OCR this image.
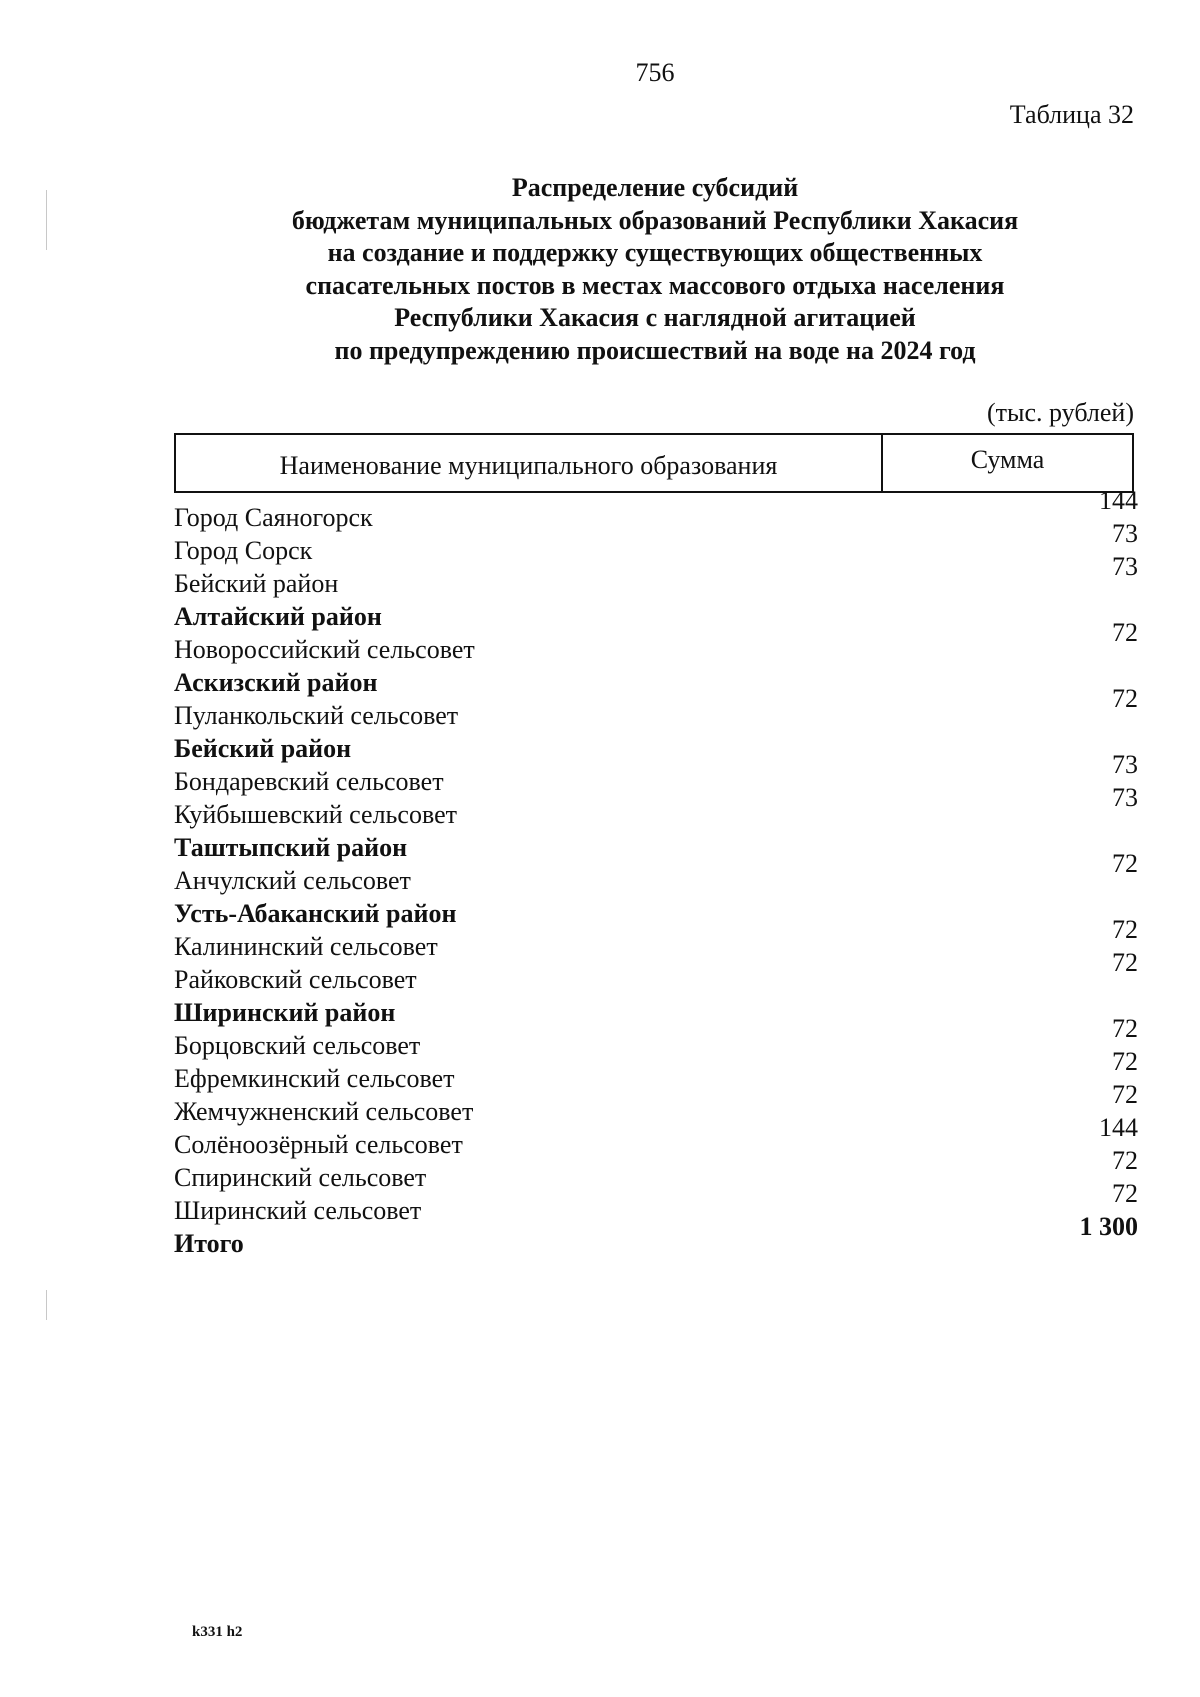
756
Таблица 32
Распределение субсидий
бюджетам муниципальных образований Республики Хакасия
на создание и поддержку существующих общественных
спасательных постов в местах массового отдыха населения
Республики Хакасия с наглядной агитацией
по предупреждению происшествий на воде на 2024 год
(тыс. рублей)
Наименование муниципального образования	Сумма
Город Саяногорск
144
Город Сорск
73
Бейский район
73
Алтайский район
Новороссийский сельсовет
72
Аскизский район
Пуланкольский сельсовет
72
Бейский район
Бондаревский сельсовет
73
Куйбышевский сельсовет
73
Таштыпский район
Анчулский сельсовет
72
Усть-Абаканский район
Калининский сельсовет
72
Райковский сельсовет
72
Ширинский район
Борцовский сельсовет
72
Ефремкинский сельсовет
72
Жемчужненский сельсовет
72
Солёноозёрный сельсовет
144
Спиринский сельсовет
72
Ширинский сельсовет
72
Итого
1 300
k331 h2
